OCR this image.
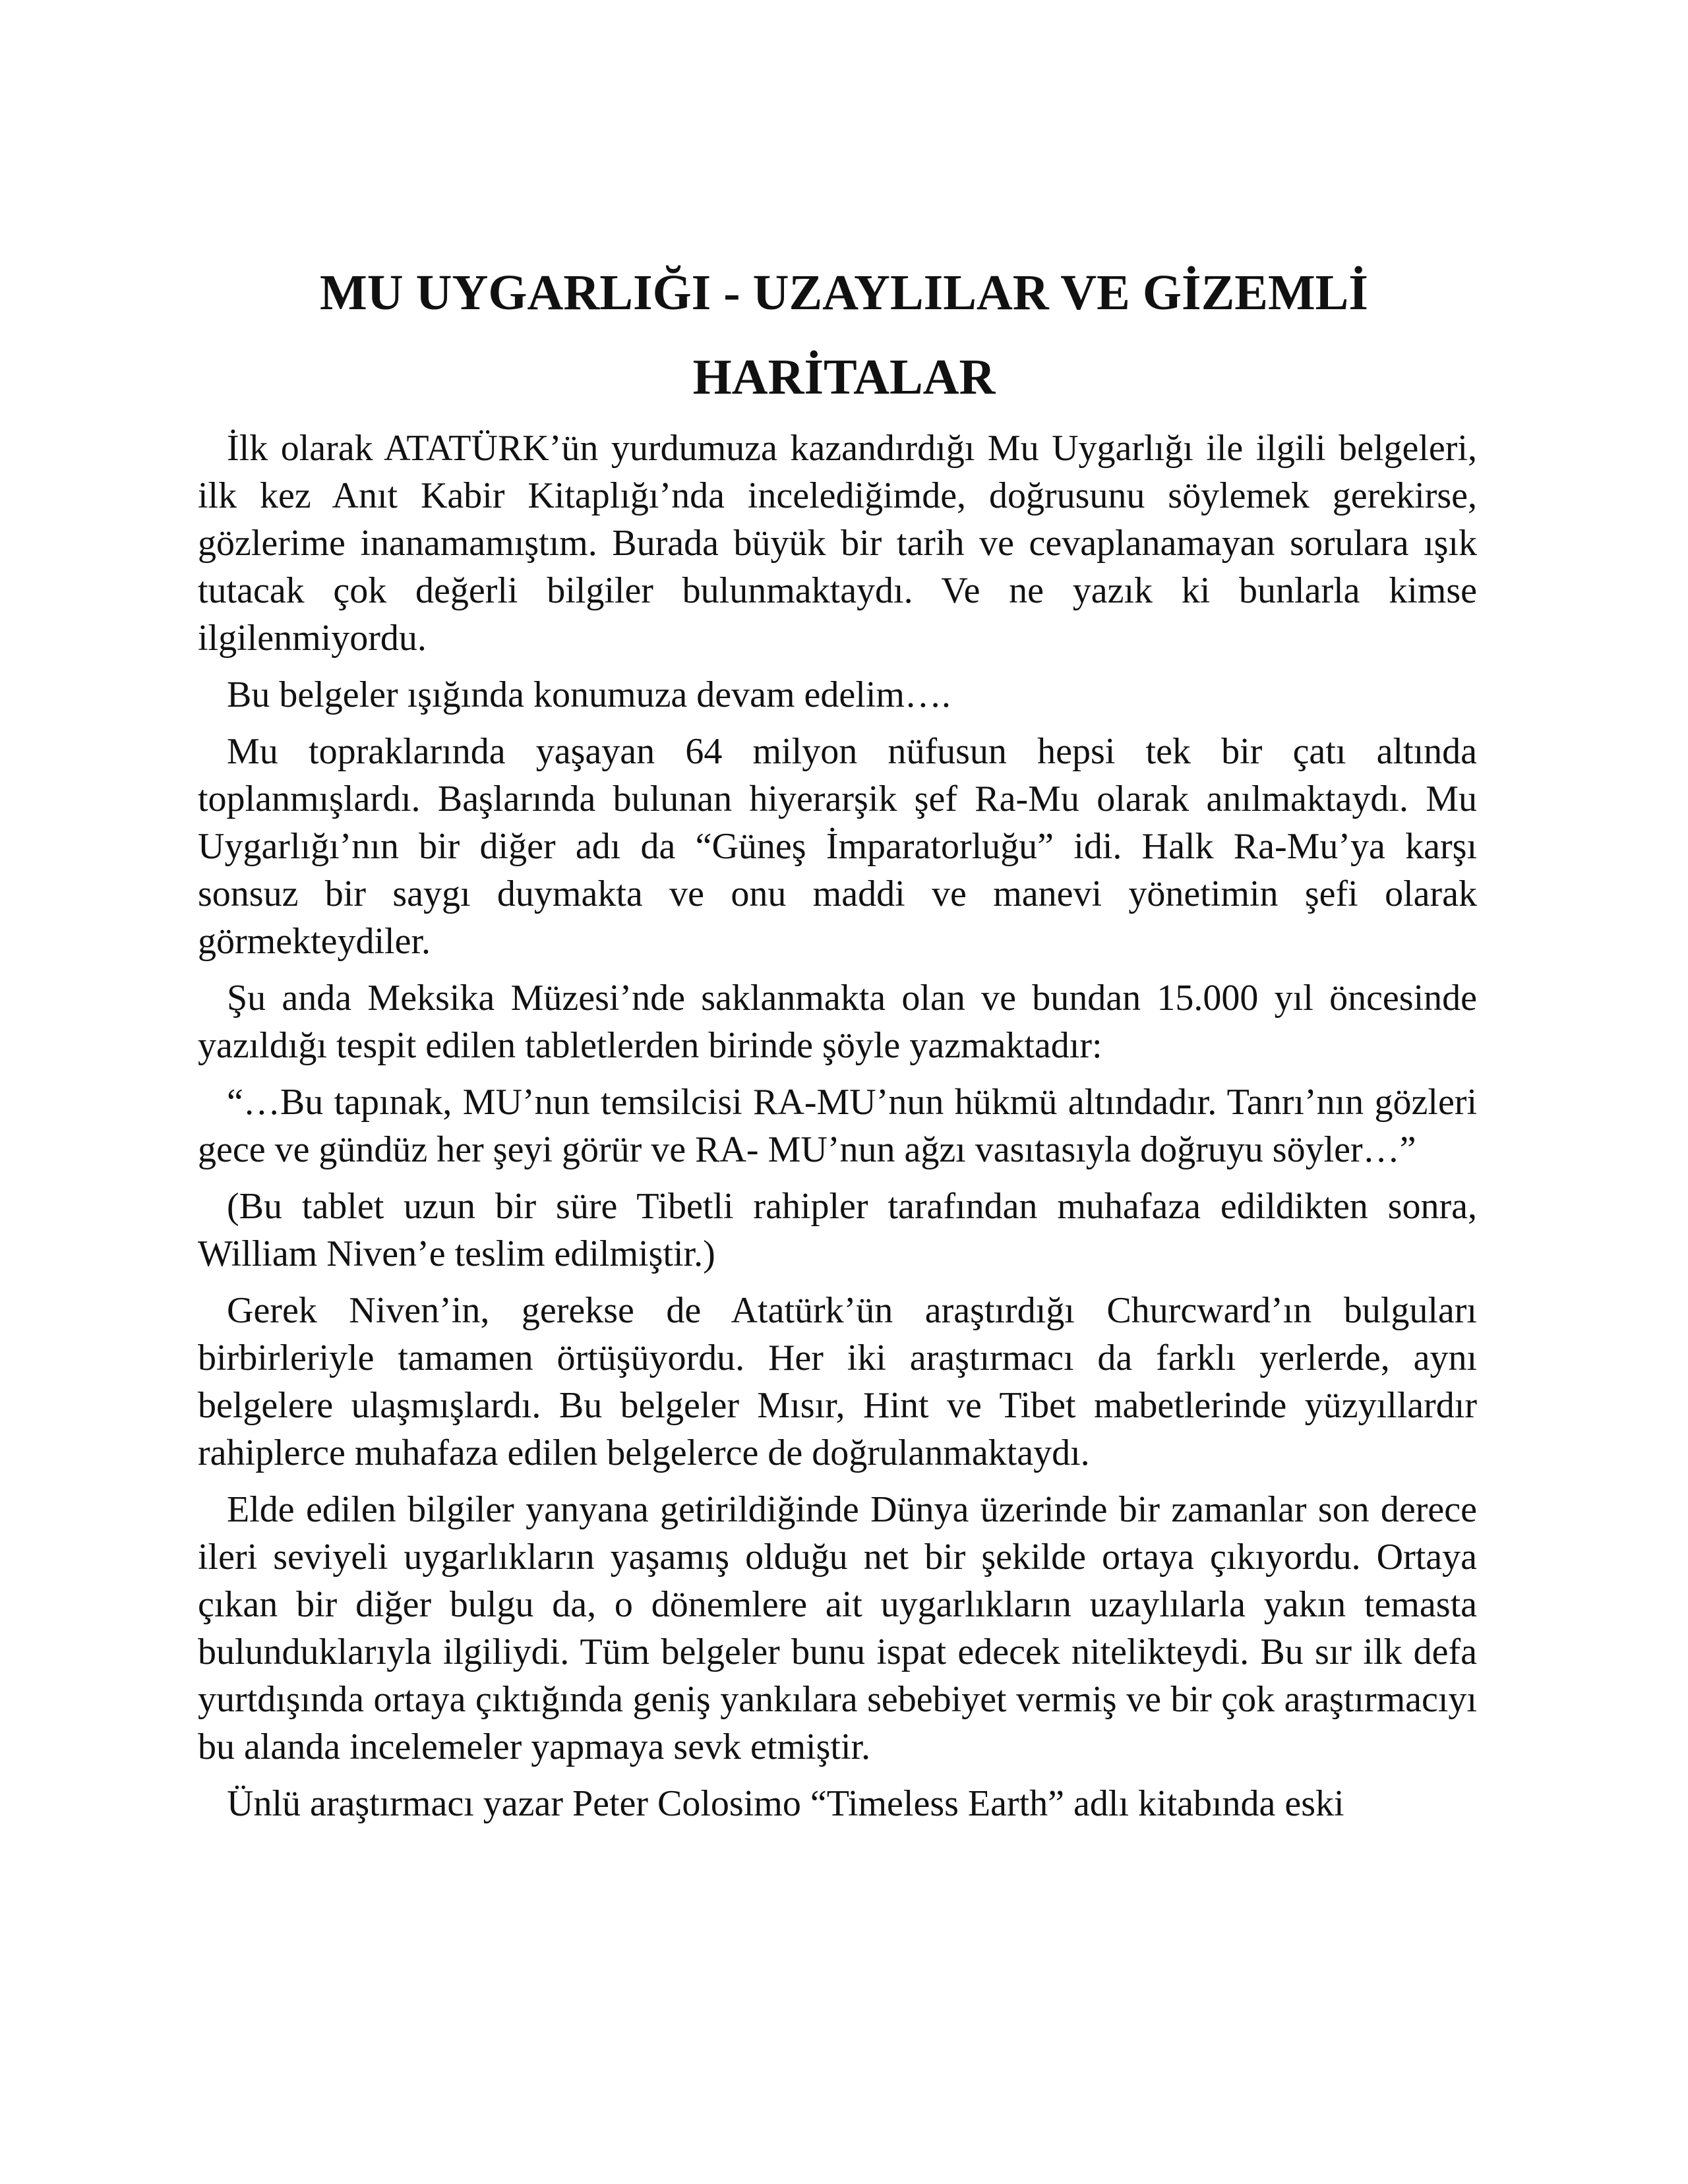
MU UYGARLIĞI - UZAYLILAR VE GİZEMLİ HARİTALAR

İlk olarak ATATÜRK’ün yurdumuza kazandırdığı Mu Uygarlığı ile ilgili belgeleri, ilk kez Anıt Kabir Kitaplığı’nda incelediğimde, doğrusunu söylemek gerekirse, gözlerime inanamamıştım. Burada büyük bir tarih ve cevaplanamayan sorulara ışık tutacak çok değerli bilgiler bulunmaktaydı. Ve ne yazık ki bunlarla kimse ilgilenmiyordu.

Bu belgeler ışığında konumuza devam edelim….

Mu topraklarında yaşayan 64 milyon nüfusun hepsi tek bir çatı altında toplanmışlardı. Başlarında bulunan hiyerarşik şef Ra-Mu olarak anılmaktaydı. Mu Uygarlığı’nın bir diğer adı da “Güneş İmparatorluğu” idi. Halk Ra-Mu’ya karşı sonsuz bir saygı duymakta ve onu maddi ve manevi yönetimin şefi olarak görmekteydiler.

Şu anda Meksika Müzesi’nde saklanmakta olan ve bundan 15.000 yıl öncesinde yazıldığı tespit edilen tabletlerden birinde şöyle yazmaktadır:

“…Bu tapınak, MU’nun temsilcisi RA-MU’nun hükmü altındadır. Tanrı’nın gözleri gece ve gündüz her şeyi görür ve RA- MU’nun ağzı vasıtasıyla doğruyu söyler…”

(Bu tablet uzun bir süre Tibetli rahipler tarafından muhafaza edildikten sonra, William Niven’e teslim edilmiştir.)

Gerek Niven’in, gerekse de Atatürk’ün araştırdığı Churcward’ın bulguları birbirleriyle tamamen örtüşüyordu. Her iki araştırmacı da farklı yerlerde, aynı belgelere ulaşmışlardı. Bu belgeler Mısır, Hint ve Tibet mabetlerinde yüzyıllardır rahiplerce muhafaza edilen belgelerce de doğrulanmaktaydı.

Elde edilen bilgiler yanyana getirildiğinde Dünya üzerinde bir zamanlar son derece ileri seviyeli uygarlıkların yaşamış olduğu net bir şekilde ortaya çıkıyordu. Ortaya çıkan bir diğer bulgu da, o dönemlere ait uygarlıkların uzaylılarla yakın temasta bulunduklarıyla ilgiliydi. Tüm belgeler bunu ispat edecek nitelikteydi. Bu sır ilk defa yurtdışında ortaya çıktığında geniş yankılara sebebiyet vermiş ve bir çok araştırmacıyı bu alanda incelemeler yapmaya sevk etmiştir.

Ünlü araştırmacı yazar Peter Colosimo “Timeless Earth” adlı kitabında eski
